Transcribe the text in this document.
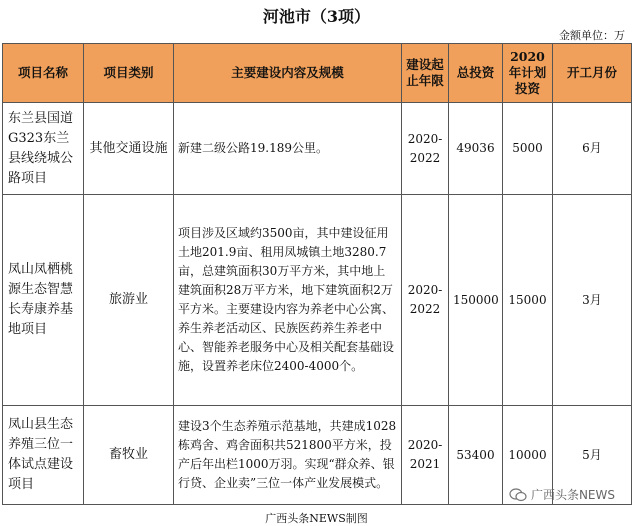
河池市（3项）
金额单位：万
项目名称	项目类别	主要建设内容及规模	建设起止年限	总投资	2020年计划投资	开工月份
东兰县国道G323东兰县线绕城公路项目	其他交通设施	新建二级公路19.189公里。	2020-2022	49036	5000	6月
凤山凤栖桃源生态智慧长寿康养基地项目	旅游业	项目涉及区域约3500亩，其中建设征用土地201.9亩、租用凤城镇土地3280.7亩，总建筑面积30万平方米，其中地上建筑面积28万平方米，地下建筑面积2万平方米。主要建设内容为养老中心公寓、养生养老活动区、民族医药养生养老中心、智能养老服务中心及相关配套基础设施，设置养老床位2400-4000个。	2020-2022	150000	15000	3月
凤山县生态养殖三位一体试点建设项目	畜牧业	建设3个生态养殖示范基地，共建成1028栋鸡舍、鸡舍面积共521800平方米，投产后年出栏1000万羽。实现“群众养、银行贷、企业卖”三位一体产业发展模式。	2020-2021	53400	10000	5月
广西头条NEWS
广西头条NEWS制图
